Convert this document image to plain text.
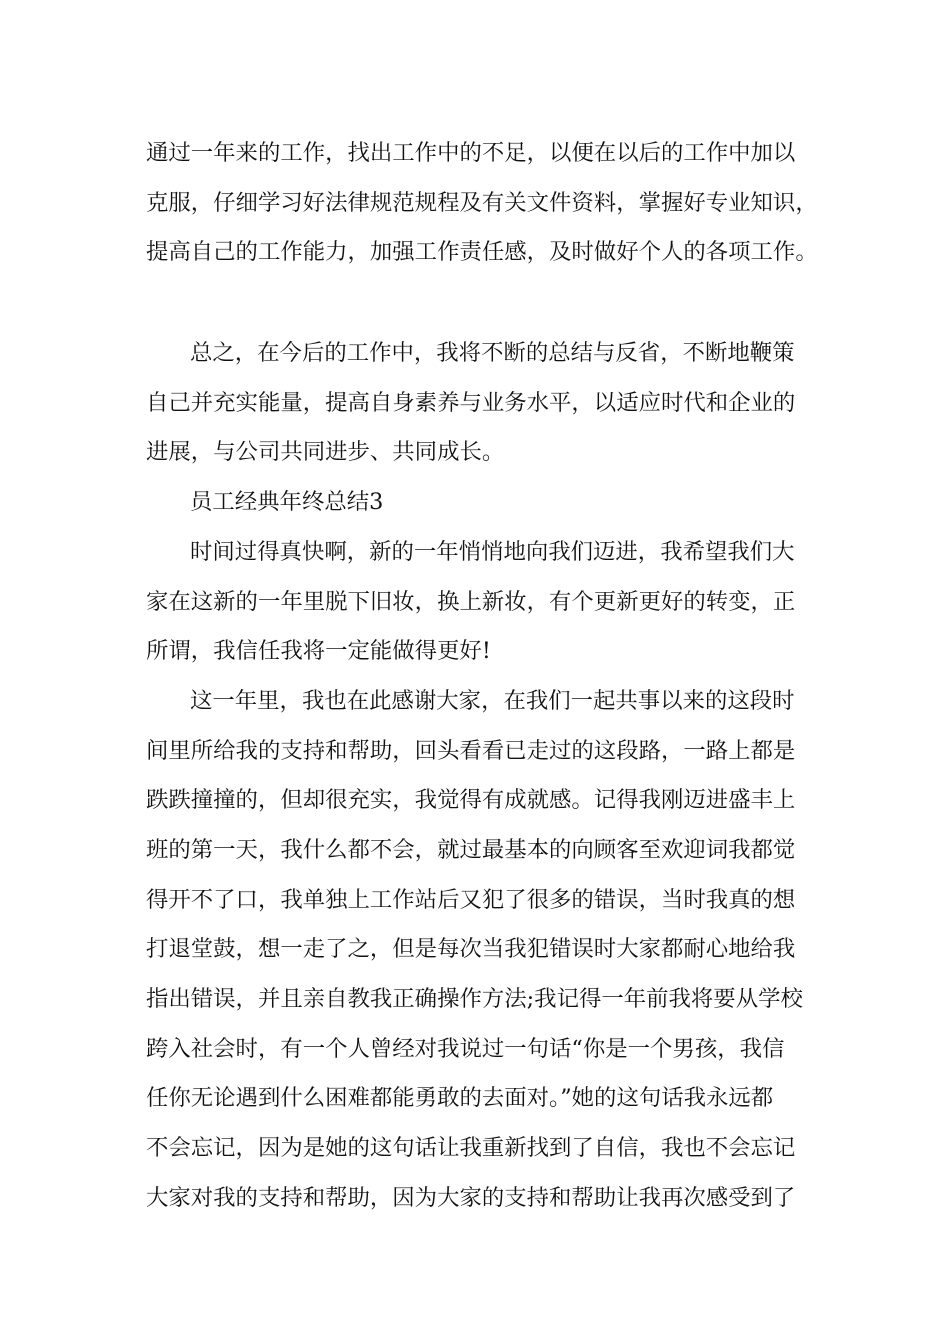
通过一年来的工作，找出工作中的不足，以便在以后的工作中加以
克服，仔细学习好法律规范规程及有关文件资料，掌握好专业知识，
提高自己的工作能力，加强工作责任感，及时做好个人的各项工作。
总之，在今后的工作中，我将不断的总结与反省，不断地鞭策
自己并充实能量，提高自身素养与业务水平，以适应时代和企业的
进展，与公司共同进步、共同成长。
员工经典年终总结3
时间过得真快啊，新的一年悄悄地向我们迈进，我希望我们大
家在这新的一年里脱下旧妆，换上新妆，有个更新更好的转变，正
所谓，我信任我将一定能做得更好!
这一年里，我也在此感谢大家，在我们一起共事以来的这段时
间里所给我的支持和帮助，回头看看已走过的这段路，一路上都是
跌跌撞撞的，但却很充实，我觉得有成就感。记得我刚迈进盛丰上
班的第一天，我什么都不会，就过最基本的向顾客至欢迎词我都觉
得开不了口，我单独上工作站后又犯了很多的错误，当时我真的想
打退堂鼓，想一走了之，但是每次当我犯错误时大家都耐心地给我
指出错误，并且亲自教我正确操作方法;我记得一年前我将要从学校
跨入社会时，有一个人曾经对我说过一句话“你是一个男孩，我信
任你无论遇到什么困难都能勇敢的去面对。”她的这句话我永远都
不会忘记，因为是她的这句话让我重新找到了自信，我也不会忘记
大家对我的支持和帮助，因为大家的支持和帮助让我再次感受到了
